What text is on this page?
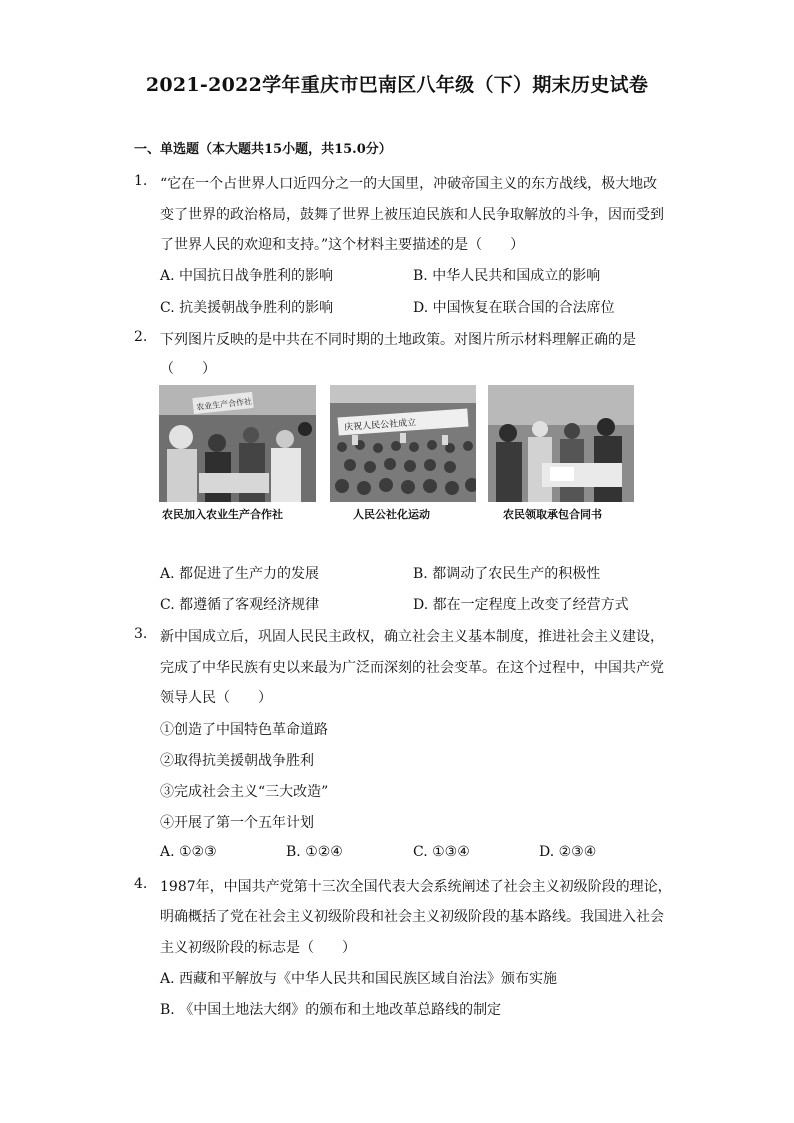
2021-2022学年重庆市巴南区八年级（下）期末历史试卷
一、单选题（本大题共15小题，共15.0分）
1. “它在一个占世界人口近四分之一的大国里，冲破帝国主义的东方战线，极大地改
变了世界的政治格局，鼓舞了世界上被压迫民族和人民争取解放的斗争，因而受到
了世界人民的欢迎和支持。”这个材料主要描述的是（　　）
A. 中国抗日战争胜利的影响	B. 中华人民共和国成立的影响
C. 抗美援朝战争胜利的影响	D. 中国恢复在联合国的合法席位
2. 下列图片反映的是中共在不同时期的土地政策。对图片所示材料理解正确的是
（　　）
农业生产合作社
庆祝人民公社成立
农民加入农业生产合作社	人民公社化运动	农民领取承包合同书
A. 都促进了生产力的发展	B. 都调动了农民生产的积极性
C. 都遵循了客观经济规律	D. 都在一定程度上改变了经营方式
3. 新中国成立后，巩固人民民主政权，确立社会主义基本制度，推进社会主义建设，
完成了中华民族有史以来最为广泛而深刻的社会变革。在这个过程中，中国共产党
领导人民（　　）
①创造了中国特色革命道路
②取得抗美援朝战争胜利
③完成社会主义“三大改造”
④开展了第一个五年计划
A. ①②③	B. ①②④	C. ①③④	D. ②③④
4. 1987年，中国共产党第十三次全国代表大会系统阐述了社会主义初级阶段的理论，
明确概括了党在社会主义初级阶段和社会主义初级阶段的基本路线。我国进入社会
主义初级阶段的标志是（　　）
A. 西藏和平解放与《中华人民共和国民族区域自治法》颁布实施
B. 《中国土地法大纲》的颁布和土地改革总路线的制定
